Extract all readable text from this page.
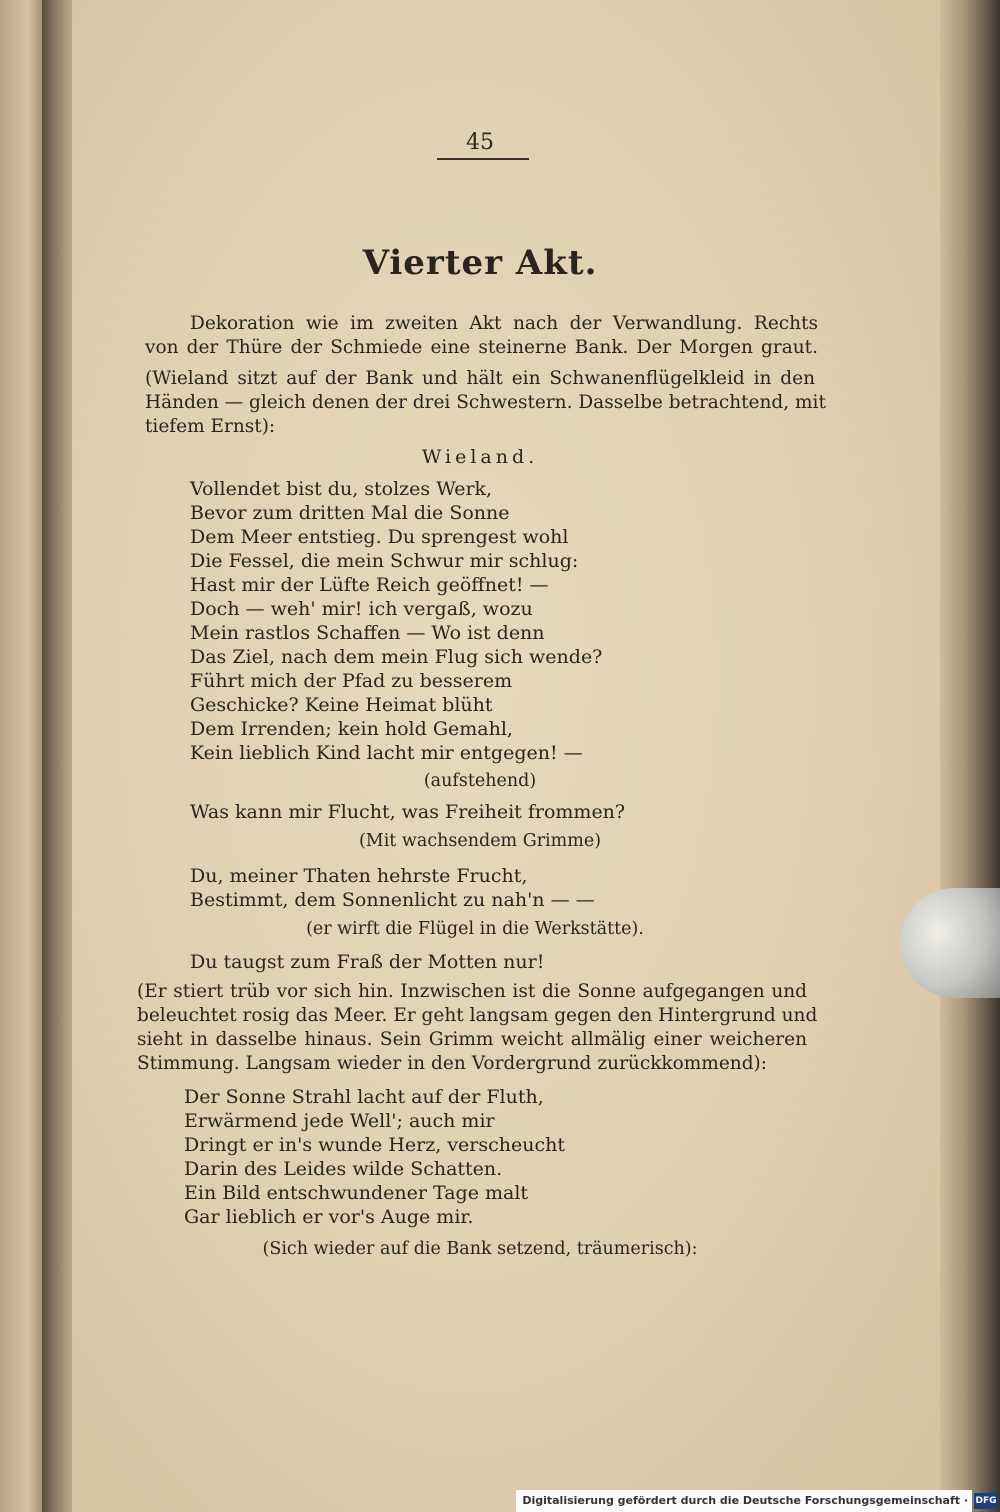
45

Vierter Akt.

Dekoration wie im zweiten Akt nach der Verwandlung. Rechts

von der Thüre der Schmiede eine steinerne Bank. Der Morgen graut.

(Wieland sitzt auf der Bank und hält ein Schwanenflügelkleid in den

Händen — gleich denen der drei Schwestern. Dasselbe betrachtend, mit

tiefem Ernst):

Wieland.

Vollendet bist du, stolzes Werk,

Bevor zum dritten Mal die Sonne

Dem Meer entstieg. Du sprengest wohl

Die Fessel, die mein Schwur mir schlug:

Hast mir der Lüfte Reich geöffnet! —

Doch — weh' mir! ich vergaß, wozu

Mein rastlos Schaffen — Wo ist denn

Das Ziel, nach dem mein Flug sich wende?

Führt mich der Pfad zu besserem

Geschicke? Keine Heimat blüht

Dem Irrenden; kein hold Gemahl,

Kein lieblich Kind lacht mir entgegen! —

(aufstehend)

Was kann mir Flucht, was Freiheit frommen?

(Mit wachsendem Grimme)

Du, meiner Thaten hehrste Frucht,

Bestimmt, dem Sonnenlicht zu nah'n — —

(er wirft die Flügel in die Werkstätte).

Du taugst zum Fraß der Motten nur!

(Er stiert trüb vor sich hin. Inzwischen ist die Sonne aufgegangen und

beleuchtet rosig das Meer. Er geht langsam gegen den Hintergrund und

sieht in dasselbe hinaus. Sein Grimm weicht allmälig einer weicheren

Stimmung. Langsam wieder in den Vordergrund zurückkommend):

Der Sonne Strahl lacht auf der Fluth,

Erwärmend jede Well'; auch mir

Dringt er in's wunde Herz, verscheucht

Darin des Leides wilde Schatten.

Ein Bild entschwundener Tage malt

Gar lieblich er vor's Auge mir.

(Sich wieder auf die Bank setzend, träumerisch):

Digitalisierung gefördert durch die Deutsche Forschungsgemeinschaft · DFG
